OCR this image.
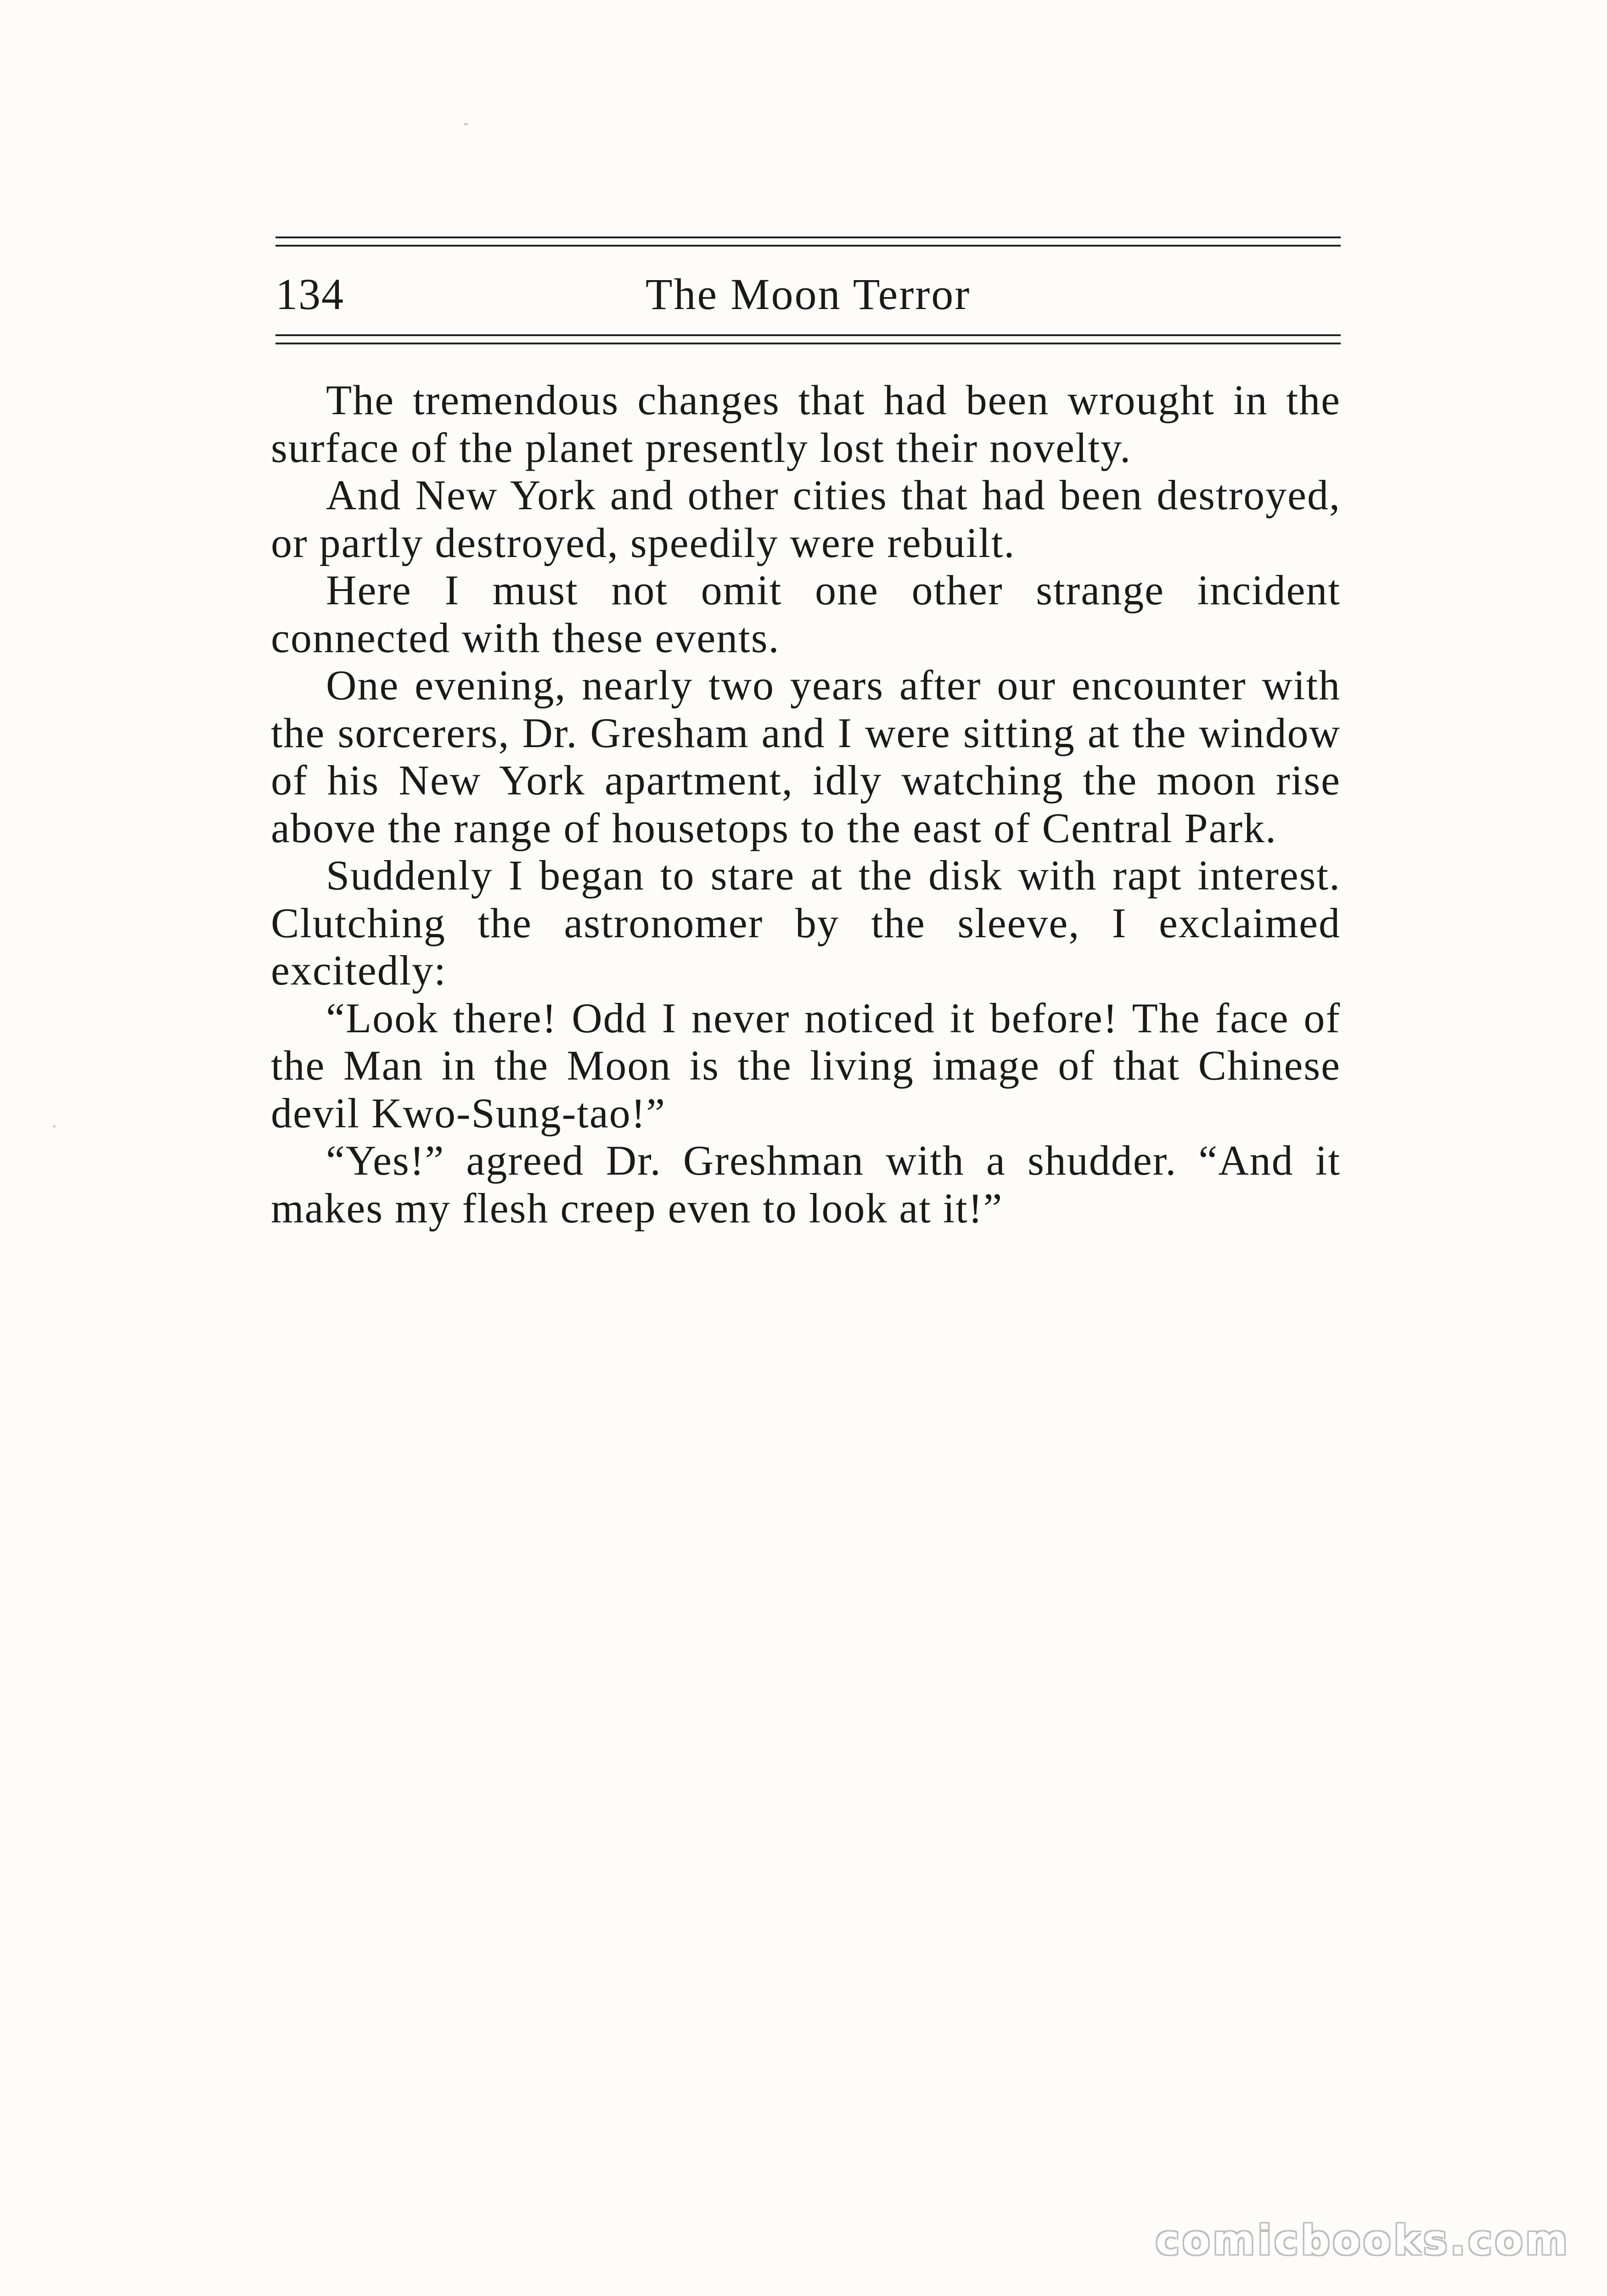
134	The Moon Terror

The tremendous changes that had been wrought in the surface of the planet presently lost their novelty.

And New York and other cities that had been destroyed, or partly destroyed, speedily were rebuilt.

Here I must not omit one other strange incident connected with these events.

One evening, nearly two years after our encounter with the sorcerers, Dr. Gresham and I were sitting at the window of his New York apartment, idly watching the moon rise above the range of housetops to the east of Central Park.

Suddenly I began to stare at the disk with rapt interest. Clutching the astronomer by the sleeve, I exclaimed excitedly:

“Look there! Odd I never noticed it before! The face of the Man in the Moon is the living image of that Chinese devil Kwo-Sung-tao!”

“Yes!” agreed Dr. Greshman with a shudder. “And it makes my flesh creep even to look at it!”

comicbooks.com
